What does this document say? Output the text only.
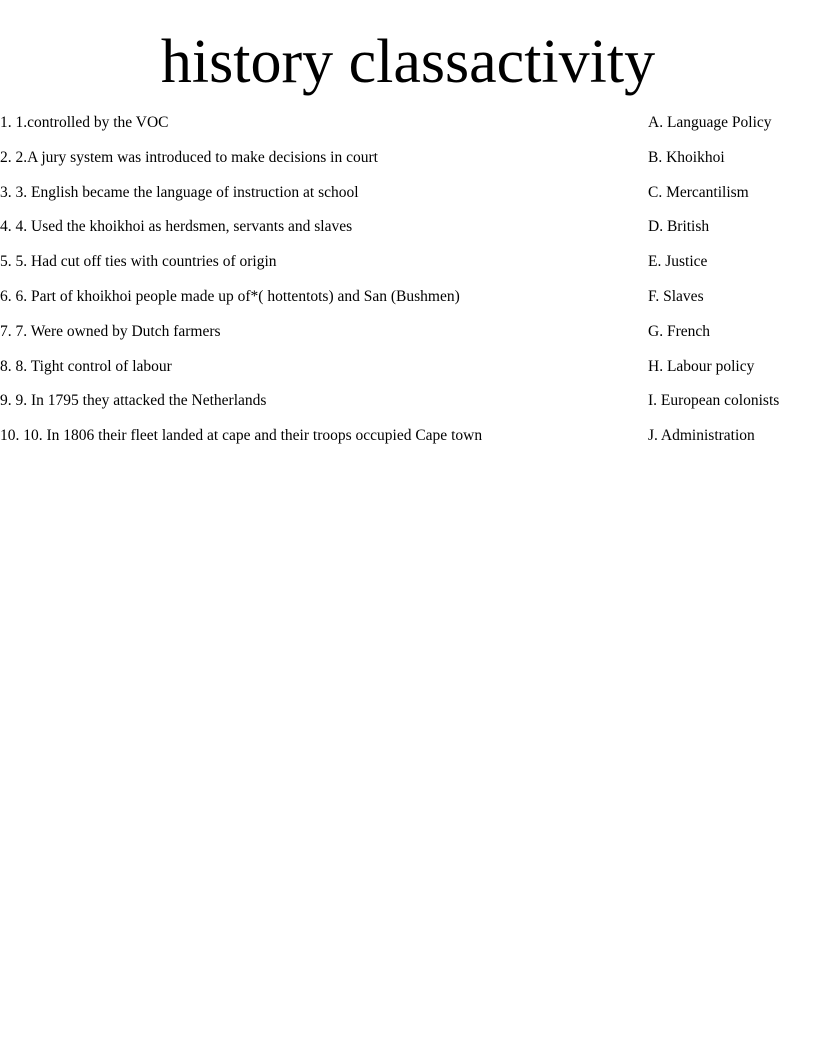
history classactivity
1. 1.controlled by the VOC
2. 2.A jury system was introduced to make decisions in court
3. 3. English became the language of instruction at school
4. 4. Used the khoikhoi as herdsmen, servants and slaves
5. 5. Had cut off ties with countries of origin
6. 6. Part of khoikhoi people made up of*( hottentots) and San (Bushmen)
7. 7. Were owned by Dutch farmers
8. 8. Tight control of labour
9. 9. In 1795 they attacked the Netherlands
10. 10. In 1806 their fleet landed at cape and their troops occupied Cape town
A. Language Policy
B. Khoikhoi
C. Mercantilism
D. British
E. Justice
F. Slaves
G. French
H. Labour policy
I. European colonists
J. Administration
